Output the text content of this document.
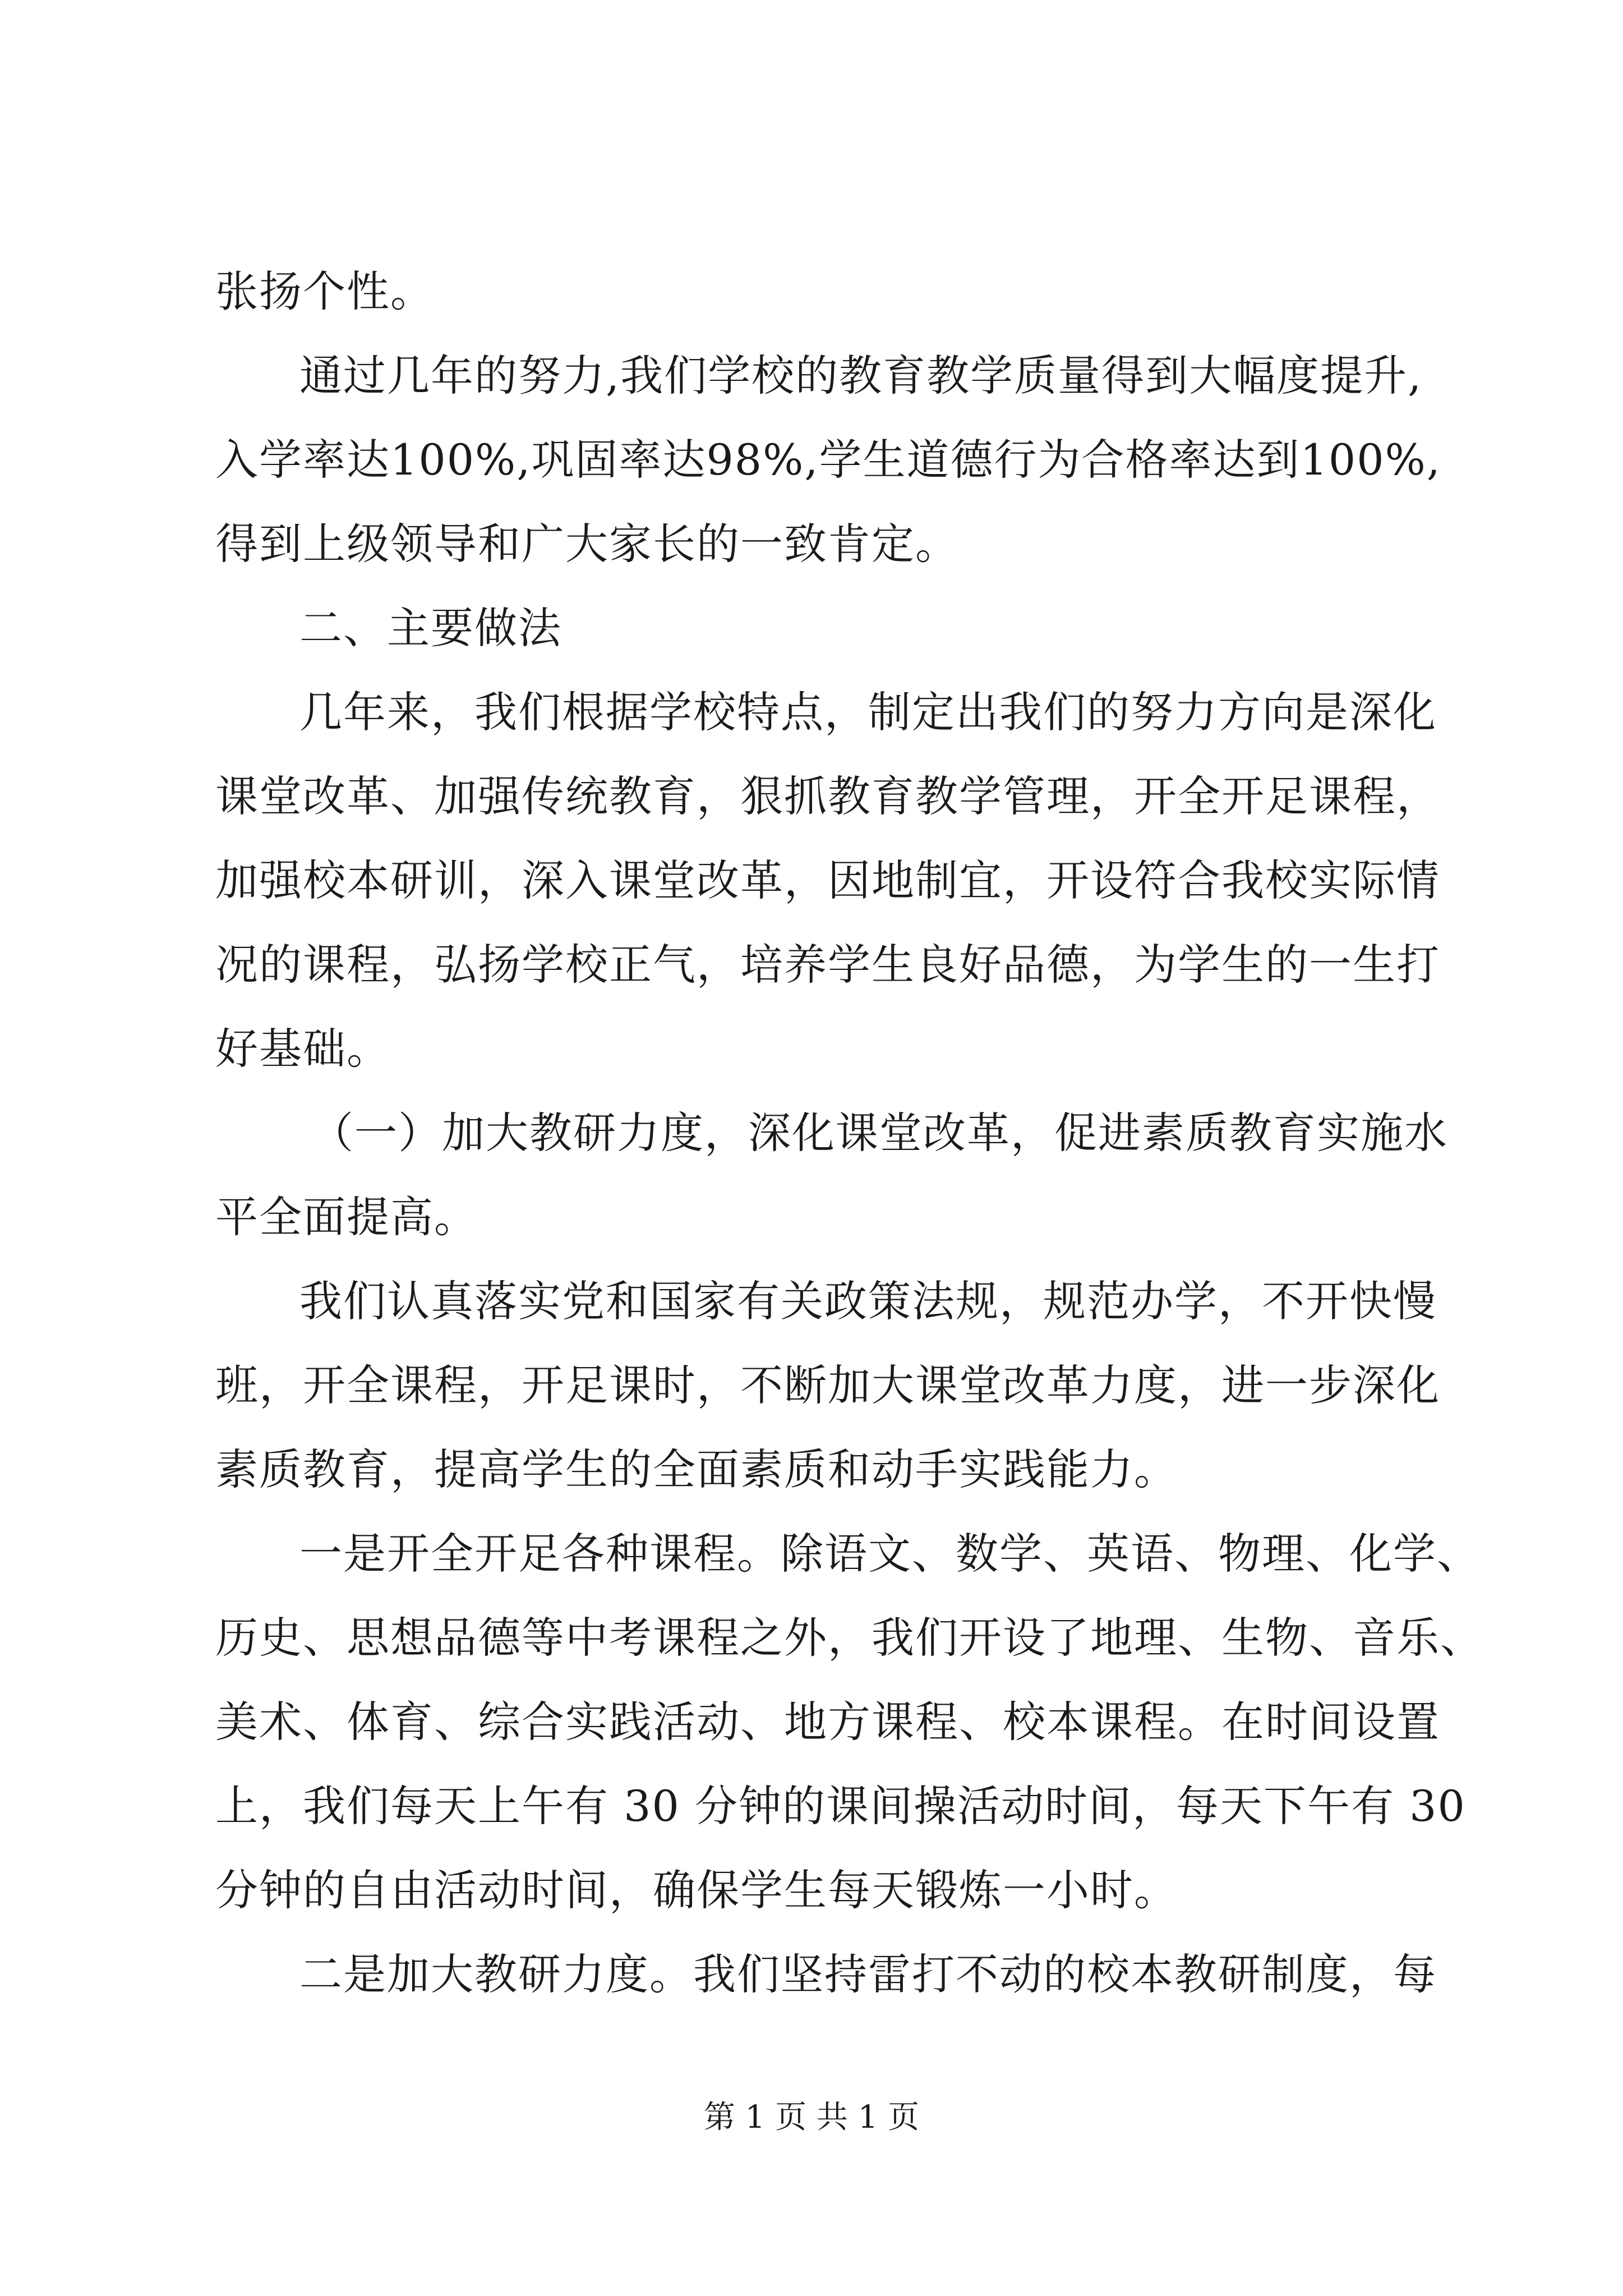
张扬个性。
通过几年的努力,我们学校的教育教学质量得到大幅度提升,
入学率达100%,巩固率达98%,学生道德行为合格率达到100%,
得到上级领导和广大家长的一致肯定。
二、主要做法
几年来，我们根据学校特点，制定出我们的努力方向是深化
课堂改革、加强传统教育，狠抓教育教学管理，开全开足课程，
加强校本研训，深入课堂改革，因地制宜，开设符合我校实际情
况的课程，弘扬学校正气，培养学生良好品德，为学生的一生打
好基础。
（一）加大教研力度，深化课堂改革，促进素质教育实施水
平全面提高。
我们认真落实党和国家有关政策法规，规范办学，不开快慢
班，开全课程，开足课时，不断加大课堂改革力度，进一步深化
素质教育，提高学生的全面素质和动手实践能力。
一是开全开足各种课程。除语文、数学、英语、物理、化学、
历史、思想品德等中考课程之外，我们开设了地理、生物、音乐、
美术、体育、综合实践活动、地方课程、校本课程。在时间设置
上，我们每天上午有 30 分钟的课间操活动时间，每天下午有 30
分钟的自由活动时间，确保学生每天锻炼一小时。
二是加大教研力度。我们坚持雷打不动的校本教研制度，每
第 1 页 共 1 页
